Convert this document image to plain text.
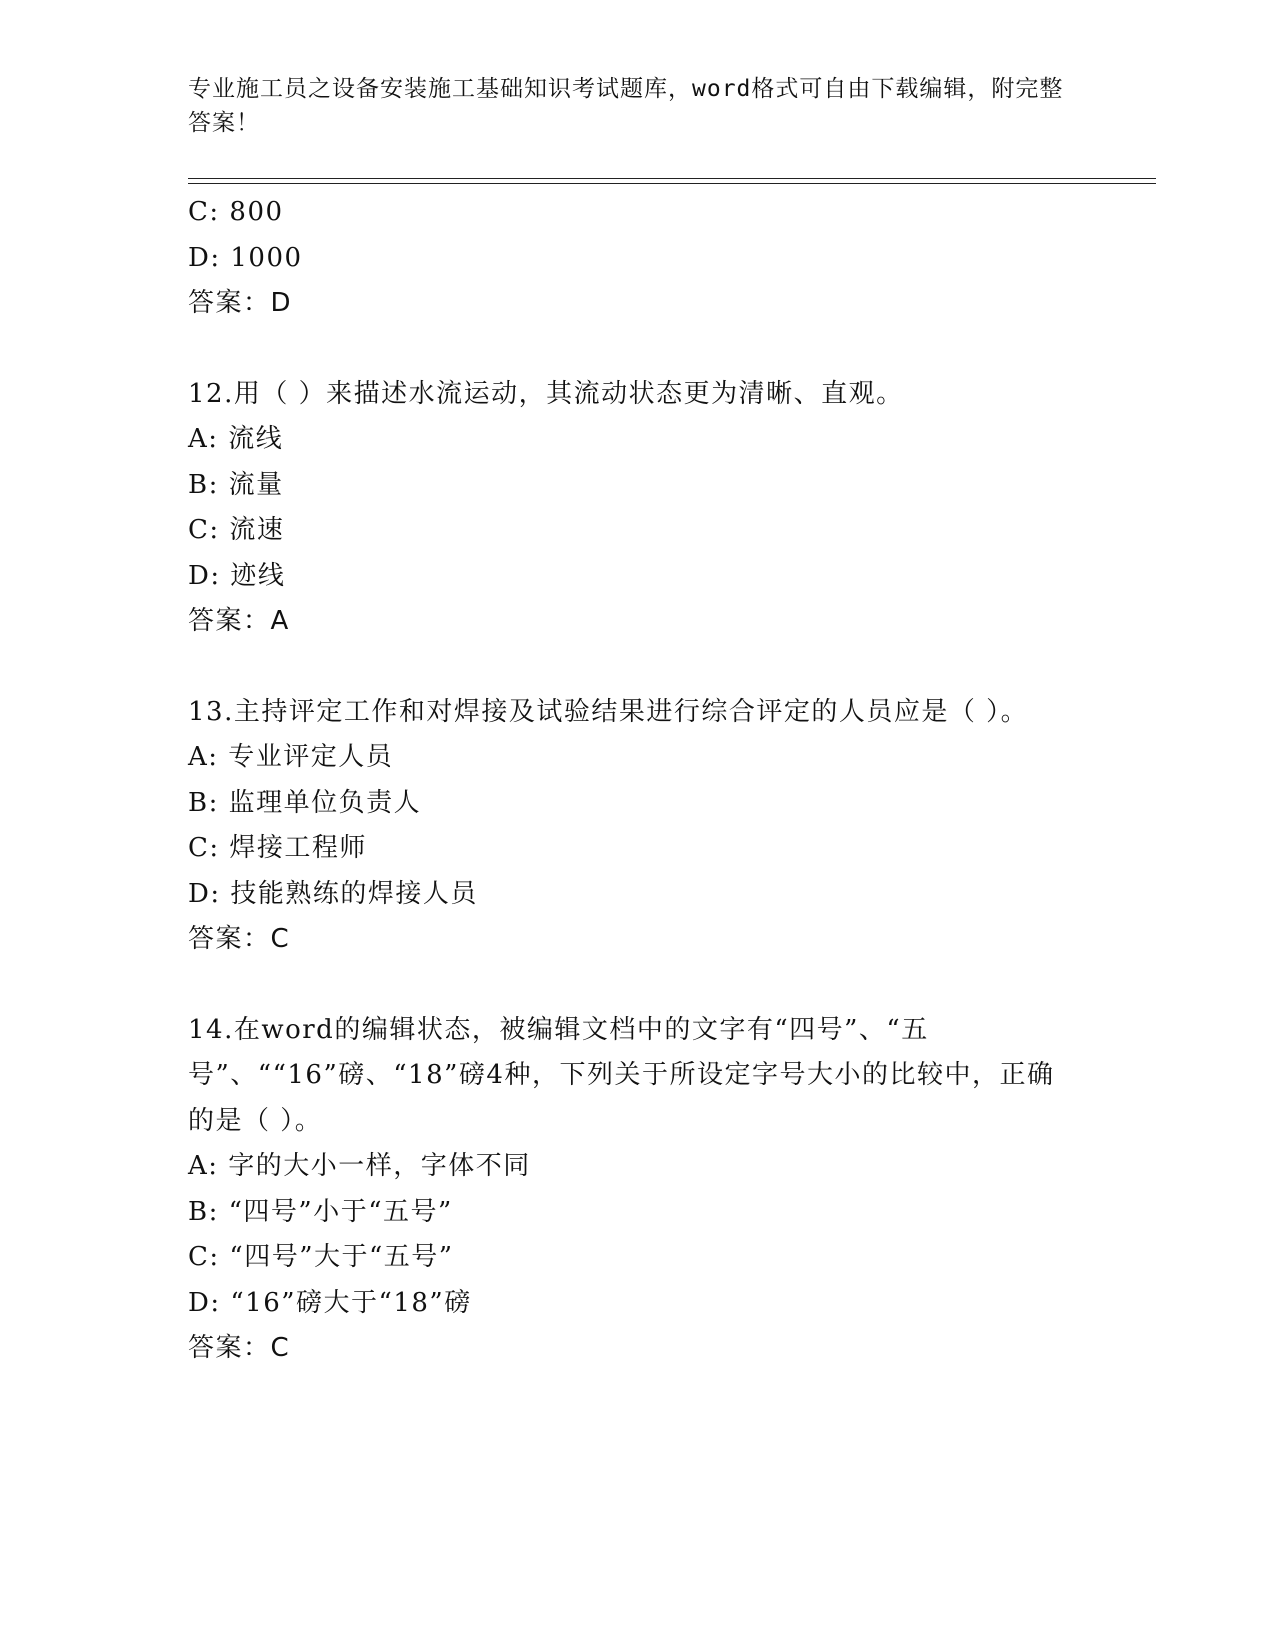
专业施工员之设备安装施工基础知识考试题库，word格式可自由下载编辑，附完整答案！
C: 800
D: 1000
答案：D
12.用（ ）来描述水流运动，其流动状态更为清晰、直观。
A: 流线
B: 流量
C: 流速
D: 迹线
答案：A
13.主持评定工作和对焊接及试验结果进行综合评定的人员应是（ ）。
A: 专业评定人员
B: 监理单位负责人
C: 焊接工程师
D: 技能熟练的焊接人员
答案：C
14.在word的编辑状态，被编辑文档中的文字有“四号”、“五号”、““16”磅、“18”磅4种，下列关于所设定字号大小的比较中，正确的是（ ）。
A: 字的大小一样，字体不同
B: “四号”小于“五号”
C: “四号”大于“五号”
D: “16”磅大于“18”磅
答案：C
